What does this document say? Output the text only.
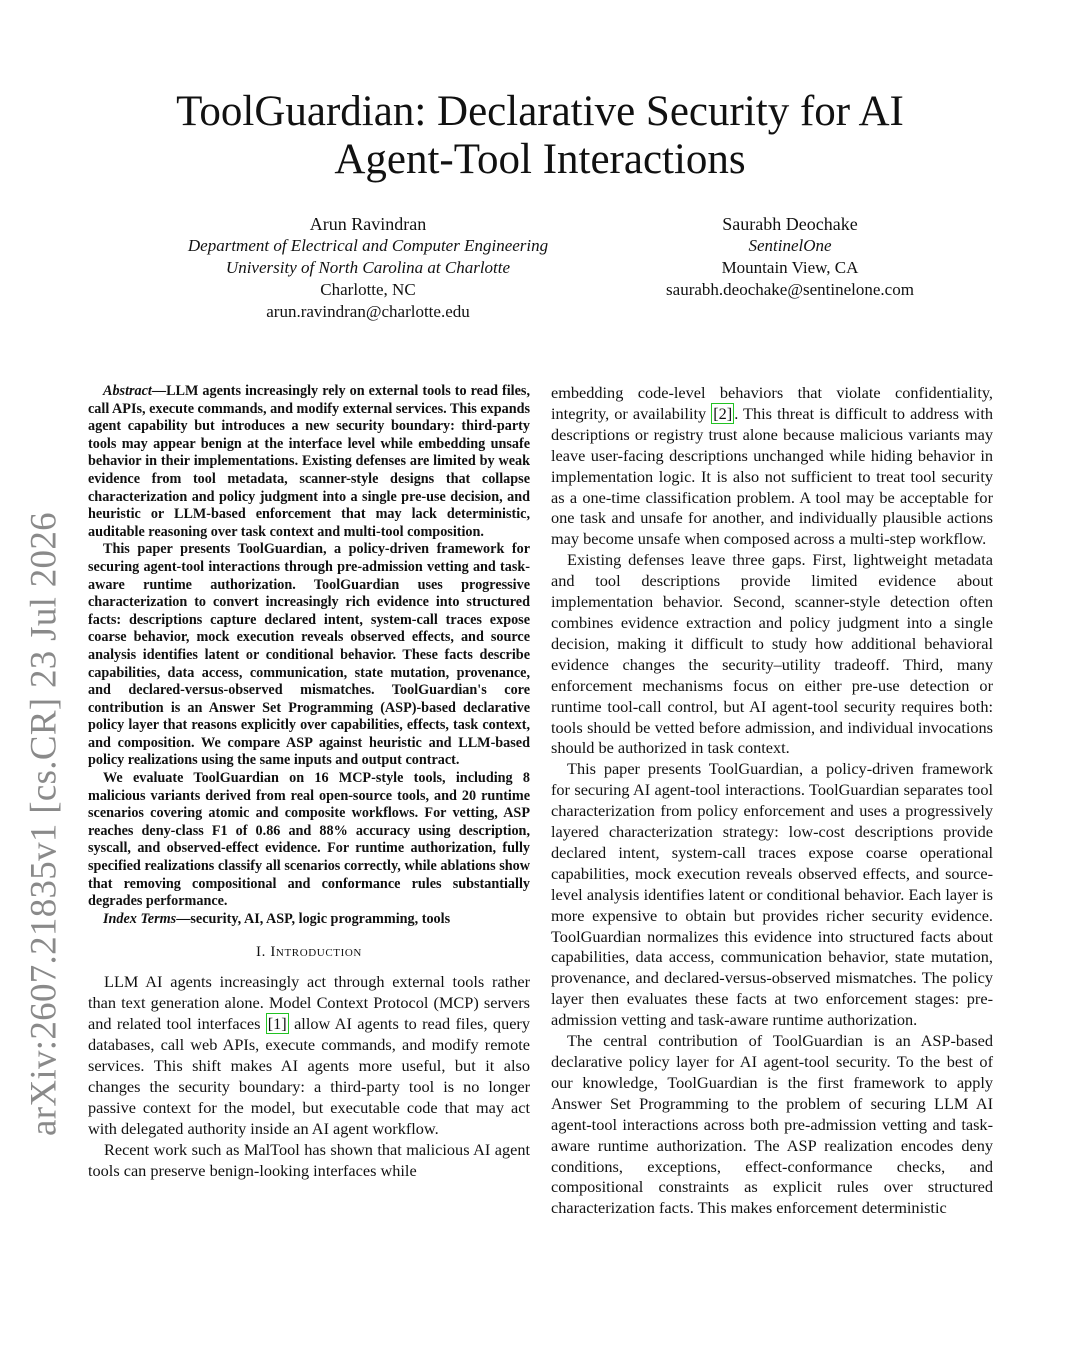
arXiv:2607.21835v1 [cs.CR] 23 Jul 2026
ToolGuardian: Declarative Security for AI Agent-Tool Interactions
Arun Ravindran
Department of Electrical and Computer Engineering
University of North Carolina at Charlotte
Charlotte, NC
arun.ravindran@charlotte.edu
Saurabh Deochake
SentinelOne
Mountain View, CA
saurabh.deochake@sentinelone.com

Abstract—LLM agents increasingly rely on external tools to read files, call APIs, execute commands, and modify external services. This expands agent capability but introduces a new security boundary: third-party tools may appear benign at the interface level while embedding unsafe behavior in their implementations. Existing defenses are limited by weak evidence from tool metadata, scanner-style designs that collapse characterization and policy judgment into a single pre-use decision, and heuristic or LLM-based enforcement that may lack deterministic, auditable reasoning over task context and multi-tool composition.

This paper presents ToolGuardian, a policy-driven framework for securing agent-tool interactions through pre-admission vetting and task-aware runtime authorization. ToolGuardian uses progressive characterization to convert increasingly rich evidence into structured facts: descriptions capture declared intent, system-call traces expose coarse behavior, mock execution reveals observed effects, and source analysis identifies latent or conditional behavior. These facts describe capabilities, data access, communication, state mutation, provenance, and declared-versus-observed mismatches. ToolGuardian's core contribution is an Answer Set Programming (ASP)-based declarative policy layer that reasons explicitly over capabilities, effects, task context, and composition. We compare ASP against heuristic and LLM-based policy realizations using the same inputs and output contract.

We evaluate ToolGuardian on 16 MCP-style tools, including 8 malicious variants derived from real open-source tools, and 20 runtime scenarios covering atomic and composite workflows. For vetting, ASP reaches deny-class F1 of 0.86 and 88% accuracy using description, syscall, and observed-effect evidence. For runtime authorization, fully specified realizations classify all scenarios correctly, while ablations show that removing compositional and conformance rules substantially degrades performance.

Index Terms—security, AI, ASP, logic programming, tools

I. Introduction

LLM AI agents increasingly act through external tools rather than text generation alone. Model Context Protocol (MCP) servers and related tool interfaces [1] allow AI agents to read files, query databases, call web APIs, execute commands, and modify remote services. This shift makes AI agents more useful, but it also changes the security boundary: a third-party tool is no longer passive context for the model, but executable code that may act with delegated authority inside an AI agent workflow.

Recent work such as MalTool has shown that malicious AI agent tools can preserve benign-looking interfaces while

embedding code-level behaviors that violate confidentiality, integrity, or availability [2] . This threat is difficult to address with descriptions or registry trust alone because malicious variants may leave user-facing descriptions unchanged while hiding behavior in implementation logic. It is also not sufficient to treat tool security as a one-time classification problem. A tool may be acceptable for one task and unsafe for another, and individually plausible actions may become unsafe when composed across a multi-step workflow.

Existing defenses leave three gaps. First, lightweight metadata and tool descriptions provide limited evidence about implementation behavior. Second, scanner-style detection often combines evidence extraction and policy judgment into a single decision, making it difficult to study how additional behavioral evidence changes the security–utility tradeoff. Third, many enforcement mechanisms focus on either pre-use detection or runtime tool-call control, but AI agent-tool security requires both: tools should be vetted before admission, and individual invocations should be authorized in task context.

This paper presents ToolGuardian, a policy-driven framework for securing AI agent-tool interactions. ToolGuardian separates tool characterization from policy enforcement and uses a progressively layered characterization strategy: low-cost descriptions provide declared intent, system-call traces expose coarse operational capabilities, mock execution reveals observed effects, and source-level analysis identifies latent or conditional behavior. Each layer is more expensive to obtain but provides richer security evidence. ToolGuardian normalizes this evidence into structured facts about capabilities, data access, communication behavior, state mutation, provenance, and declared-versus-observed mismatches. The policy layer then evaluates these facts at two enforcement stages: pre-admission vetting and task-aware runtime authorization.

The central contribution of ToolGuardian is an ASP-based declarative policy layer for AI agent-tool security. To the best of our knowledge, ToolGuardian is the first framework to apply Answer Set Programming to the problem of securing LLM AI agent-tool interactions across both pre-admission vetting and task-aware runtime authorization. The ASP realization encodes deny conditions, exceptions, effect-conformance checks, and compositional constraints as explicit rules over structured characterization facts. This makes enforcement deterministic
